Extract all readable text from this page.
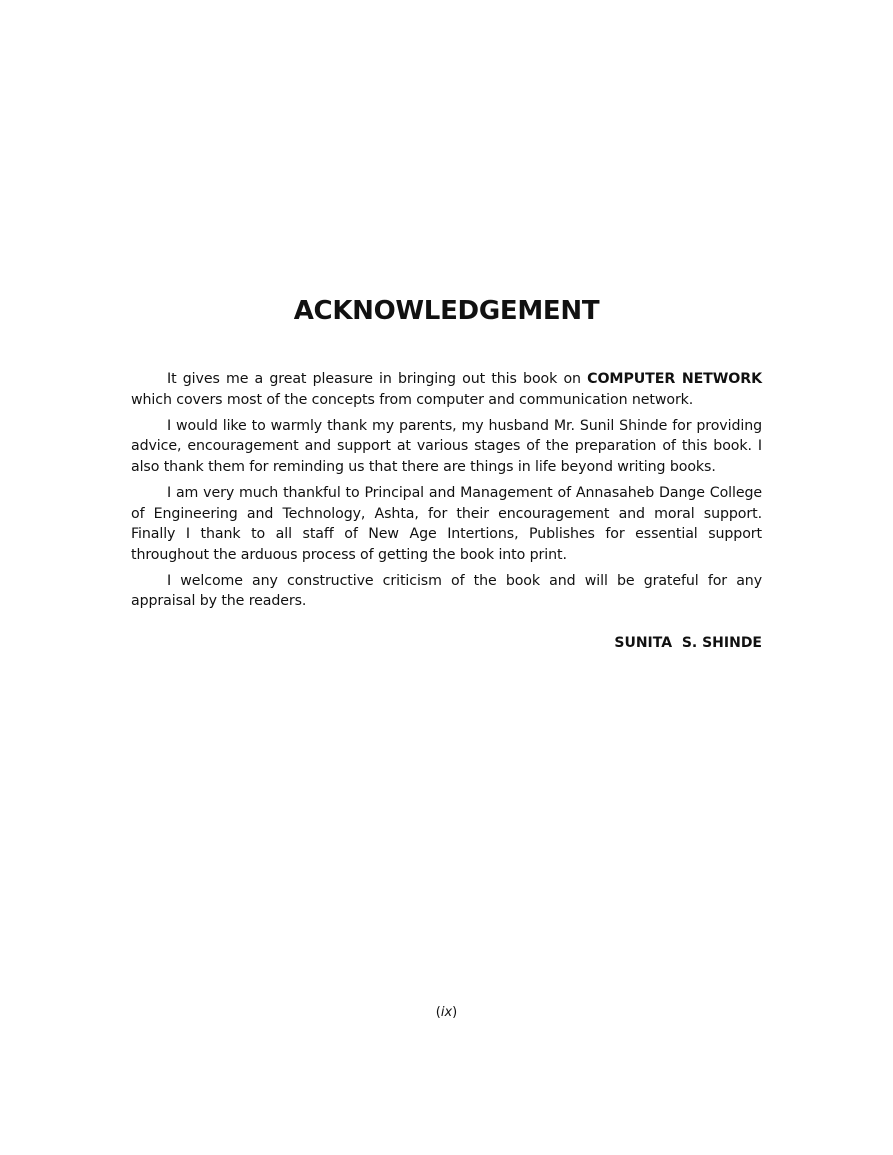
ACKNOWLEDGEMENT

It gives me a great pleasure in bringing out this book on COMPUTER NETWORK which covers most of the concepts from computer and communication network.

I would like to warmly thank my parents, my husband Mr. Sunil Shinde for providing advice, encouragement and support at various stages of the preparation of this book. I also thank them for reminding us that there are things in life beyond writing books.

I am very much thankful to Principal and Management of Annasaheb Dange College of Engineering and Technology, Ashta, for their encouragement and moral support. Finally I thank to all staff of New Age Intertions, Publishes for essential support throughout the arduous process of getting the book into print.

I welcome any constructive criticism of the book and will be grateful for any appraisal by the readers.

SUNITA  S. SHINDE
(ix)
